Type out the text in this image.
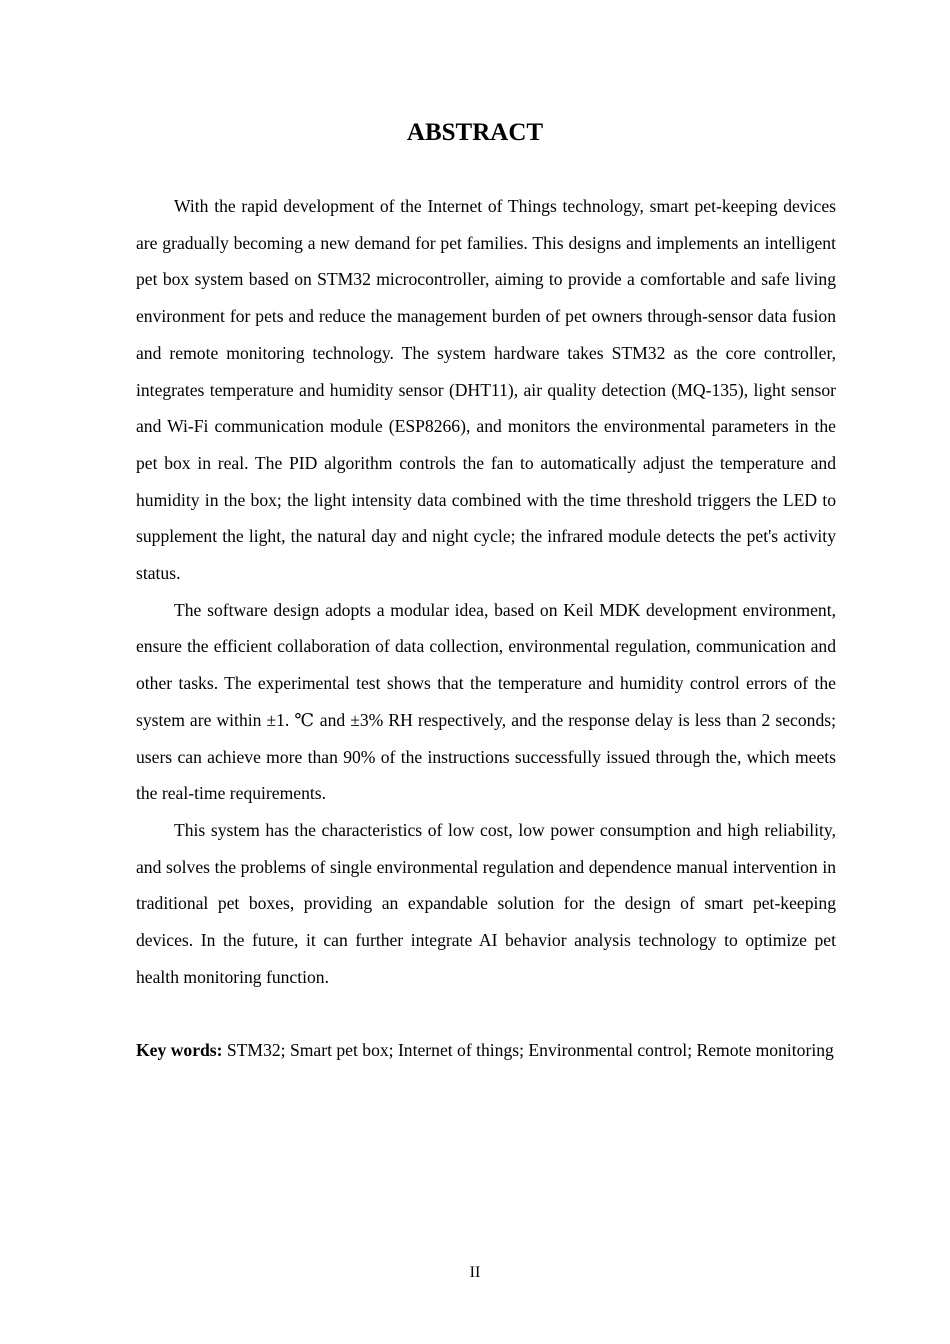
ABSTRACT

With the rapid development of the Internet of Things technology, smart pet-keeping devices are gradually becoming a new demand for pet families. This designs and implements an intelligent pet box system based on STM32 microcontroller, aiming to provide a comfortable and safe living environment for pets and reduce the management burden of pet owners through-sensor data fusion and remote monitoring technology. The system hardware takes STM32 as the core controller, integrates temperature and humidity sensor (DHT11), air quality detection (MQ-135), light sensor and Wi-Fi communication module (ESP8266), and monitors the environmental parameters in the pet box in real. The PID algorithm controls the fan to automatically adjust the temperature and humidity in the box; the light intensity data combined with the time threshold triggers the LED to supplement the light, the natural day and night cycle; the infrared module detects the pet's activity status.

The software design adopts a modular idea, based on Keil MDK development environment, ensure the efficient collaboration of data collection, environmental regulation, communication and other tasks. The experimental test shows that the temperature and humidity control errors of the system are within ±1. ℃ and ±3% RH respectively, and the response delay is less than 2 seconds; users can achieve more than 90% of the instructions successfully issued through the, which meets the real-time requirements.

This system has the characteristics of low cost, low power consumption and high reliability, and solves the problems of single environmental regulation and dependence manual intervention in traditional pet boxes, providing an expandable solution for the design of smart pet-keeping devices. In the future, it can further integrate AI behavior analysis technology to optimize pet health monitoring function.

Key words: STM32; Smart pet box; Internet of things; Environmental control; Remote monitoring

II
